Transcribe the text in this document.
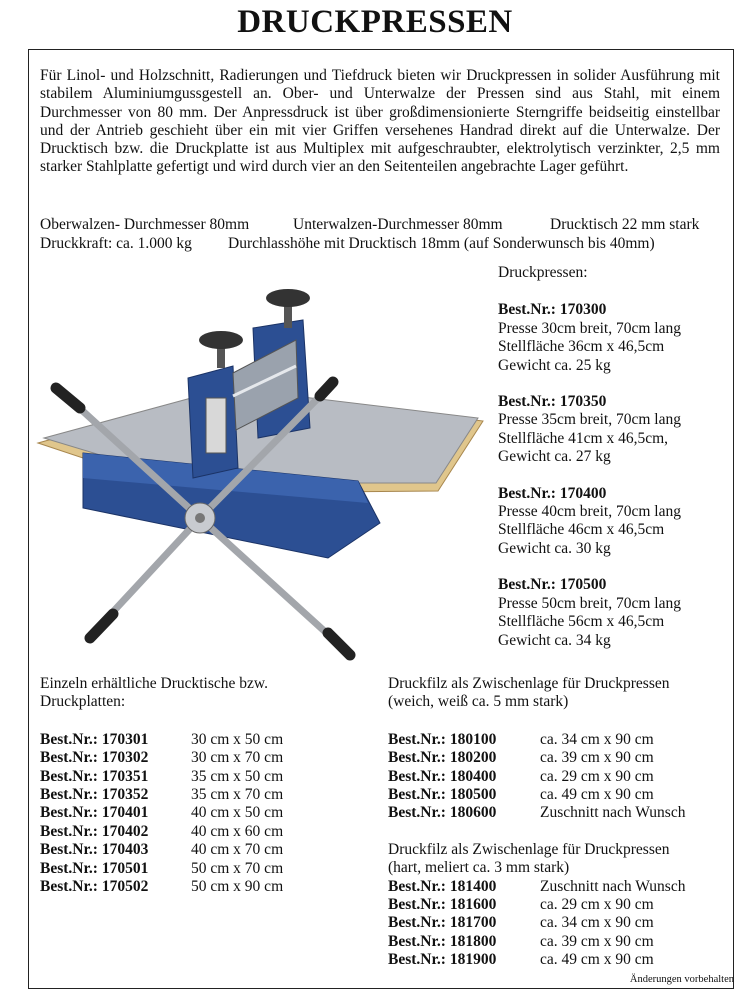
DRUCKPRESSEN
Für Linol- und Holzschnitt, Radierungen und Tiefdruck bieten wir Druckpressen in solider Ausführung mit stabilem Aluminiumgussgestell an. Ober- und Unterwalze der Pressen sind aus Stahl, mit einem Durchmesser von 80 mm. Der Anpressdruck ist über großdimensionierte Sterngriffe beidseitig einstellbar und der Antrieb geschieht über ein mit vier Griffen versehenes Handrad direkt auf die Unterwalze. Der Drucktisch bzw. die Druckplatte ist aus Multiplex mit aufgeschraubter, elektrolytisch verzinkter, 2,5 mm starker Stahlplatte gefertigt und wird durch vier an den Seitenteilen angebrachte Lager geführt.
Oberwalzen- Durchmesser 80mm	Unterwalzen-Durchmesser 80mm	Drucktisch 22 mm stark
Druckkraft: ca. 1.000 kg Durchlasshöhe mit Drucktisch 18mm (auf Sonderwunsch bis 40mm)
Druckpressen:
Best.Nr.: 170300
Presse 30cm breit, 70cm lang
Stellfläche 36cm x 46,5cm
Gewicht ca. 25 kg
Best.Nr.: 170350
Presse 35cm breit, 70cm lang
Stellfläche 41cm x 46,5cm,
Gewicht ca. 27 kg
Best.Nr.: 170400
Presse 40cm breit, 70cm lang
Stellfläche 46cm x 46,5cm
Gewicht ca. 30 kg
Best.Nr.: 170500
Presse 50cm breit, 70cm lang
Stellfläche 56cm x 46,5cm
Gewicht ca. 34 kg
Einzeln erhältliche Drucktische bzw.
Druckplatten:
Best.Nr.: 170301	30 cm x 50 cm
Best.Nr.: 170302	30 cm x 70 cm
Best.Nr.: 170351	35 cm x 50 cm
Best.Nr.: 170352	35 cm x 70 cm
Best.Nr.: 170401	40 cm x 50 cm
Best.Nr.: 170402	40 cm x 60 cm
Best.Nr.: 170403	40 cm x 70 cm
Best.Nr.: 170501	50 cm x 70 cm
Best.Nr.: 170502	50 cm x 90 cm
Druckfilz als Zwischenlage für Druckpressen
(weich, weiß ca. 5 mm stark)
Best.Nr.: 180100	ca. 34 cm x 90 cm
Best.Nr.: 180200	ca. 39 cm x 90 cm
Best.Nr.: 180400	ca. 29 cm x 90 cm
Best.Nr.: 180500	ca. 49 cm x 90 cm
Best.Nr.: 180600	Zuschnitt nach Wunsch
Druckfilz als Zwischenlage für Druckpressen
(hart, meliert ca. 3 mm stark)
Best.Nr.: 181400	Zuschnitt nach Wunsch
Best.Nr.: 181600	ca. 29 cm x 90 cm
Best.Nr.: 181700	ca. 34 cm x 90 cm
Best.Nr.: 181800	ca. 39 cm x 90 cm
Best.Nr.: 181900	ca. 49 cm x 90 cm
Änderungen vorbehalten
